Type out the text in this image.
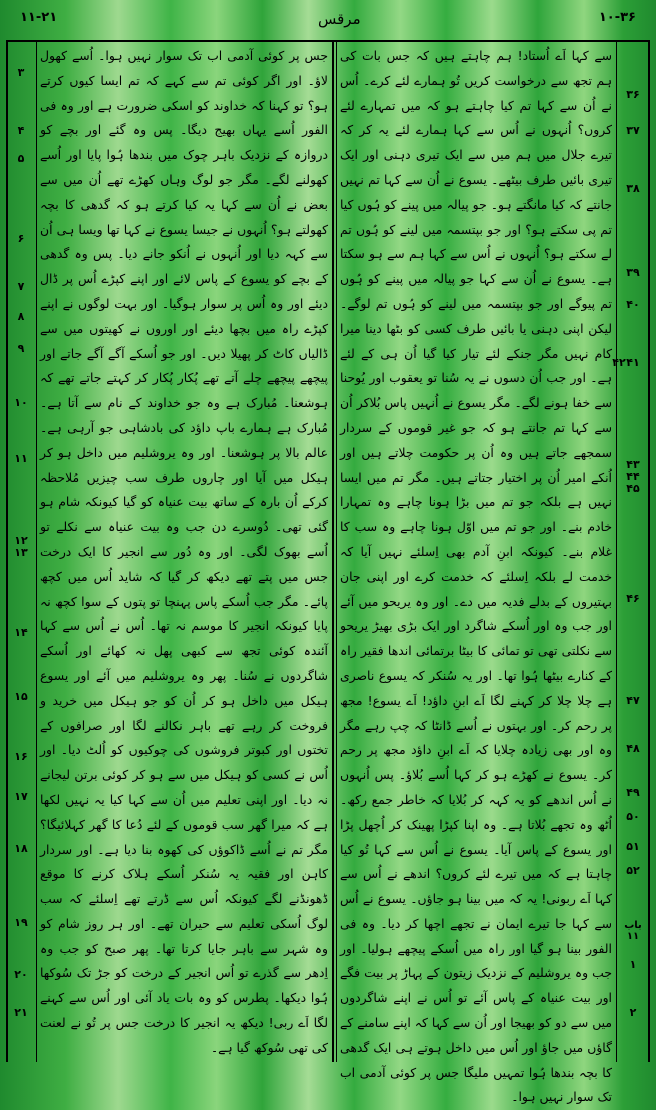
۱۱-۲۱	مرقس	۱۰-۳۶
۳
۴
۵
۶
۷
۸
۹
۱۰
۱۱
۱۲
۱۳
۱۴
۱۵
۱۶
۱۷
۱۸
۱۹
۲۰
۲۱
جس پر کوئی آدمی اب تک سوار نہیں ہوا۔ اُسے کھول لاؤ۔ اور اگر کوئی تم سے کہے کہ تم ایسا کیوں کرتے ہو؟ تو کہنا کہ خداوند کو اسکی ضرورت ہے اور وہ فی الفور اُسے یہاں بھیج دیگا۔ پس وہ گئے اور بچے کو دروازہ کے نزدیک باہر چوک میں بندھا ہُوا پایا اور اُسے کھولنے لگے۔ مگر جو لوگ وہاں کھڑے تھے اُن میں سے بعض نے اُن سے کہا یہ کیا کرتے ہو کہ گدھی کا بچہ کھولتے ہو؟ اُنہوں نے جیسا یسوع نے کہا تھا ویسا ہی اُن سے کہہ دیا اور اُنہوں نے اُنکو جانے دیا۔ پس وہ گدھی کے بچے کو یسوع کے پاس لائے اور اپنے کپڑے اُس پر ڈال دیئے اور وہ اُس پر سوار ہوگیا۔ اور بہت لوگوں نے اپنے کپڑے راہ میں بچھا دیئے اور اوروں نے کھیتوں میں سے ڈالیاں کاٹ کر پھیلا دیں۔ اور جو اُسکے آگے آگے جاتے اور پیچھے پیچھے چلے آتے تھے پُکار پُکار کر کہتے جاتے تھے کہ ہوشعنا۔ مُبارک ہے وہ جو خداوند کے نام سے آتا ہے۔ مُبارک ہے ہمارے باپ داؤد کی بادشاہی جو آرہی ہے۔ عالم بالا پر ہوشعنا۔ اور وہ یروشلیم میں داخل ہو کر ہیکل میں آیا اور چاروں طرف سب چیزیں مُلاحظہ کرکے اُن بارہ کے ساتھ بیت عنیاہ کو گیا کیونکہ شام ہو گئی تھی۔ دُوسرے دن جب وہ بیت عنیاہ سے نکلے تو اُسے بھوک لگی۔ اور وہ دُور سے انجیر کا ایک درخت جس میں پتے تھے دیکھ کر گیا کہ شاید اُس میں کچھ پائے۔ مگر جب اُسکے پاس پہنچا تو پتوں کے سوا کچھ نہ پایا کیونکہ انجیر کا موسم نہ تھا۔ اُس نے اُس سے کہا آئندہ کوئی تجھ سے کبھی پھل نہ کھائے اور اُسکے شاگردوں نے سُنا۔ پھر وہ یروشلیم میں آئے اور یسوع ہیکل میں داخل ہو کر اُن کو جو ہیکل میں خرید و فروخت کر رہے تھے باہر نکالنے لگا اور صرافوں کے تختوں اور کبوتر فروشوں کی چوکیوں کو اُلٹ دیا۔ اور اُس نے کسی کو ہیکل میں سے ہو کر کوئی برتن لیجانے نہ دیا۔ اور اپنی تعلیم میں اُن سے کہا کیا یہ نہیں لکھا ہے کہ میرا گھر سب قوموں کے لئے دُعا کا گھر کہلائیگا؟ مگر تم نے اُسے ڈاکوؤں کی کھوہ بنا دیا ہے۔ اور سردار کاہن اور فقیہ یہ سُنکر اُسکے ہلاک کرنے کا موقع ڈھونڈنے لگے کیونکہ اُس سے ڈرتے تھے اِسلئے کہ سب لوگ اُسکی تعلیم سے حیران تھے۔ اور ہر روز شام کو وہ شہر سے باہر جایا کرتا تھا۔ پھر صبح کو جب وہ اِدھر سے گذرے تو اُس انجیر کے درخت کو جڑ تک سُوکھا ہُوا دیکھا۔ پطرس کو وہ بات یاد آئی اور اُس سے کہنے لگا اَے ربی! دیکھ یہ انجیر کا درخت جس پر تُو نے لعنت کی تھی سُوکھ گیا ہے۔
سے کہا اَے اُستاد! ہم چاہتے ہیں کہ جس بات کی ہم تجھ سے درخواست کریں تُو ہمارے لئے کرے۔ اُس نے اُن سے کہا تم کیا چاہتے ہو کہ میں تمہارے لئے کروں؟ اُنہوں نے اُس سے کہا ہمارے لئے یہ کر کہ تیرے جلال میں ہم میں سے ایک تیری دہنی اور ایک تیری بائیں طرف بیٹھے۔ یسوع نے اُن سے کہا تم نہیں جانتے کہ کیا مانگتے ہو۔ جو پیالہ میں پینے کو ہُوں کیا تم پی سکتے ہو؟ اور جو بپتسمہ میں لینے کو ہُوں تم لے سکتے ہو؟ اُنہوں نے اُس سے کہا ہم سے ہو سکتا ہے۔ یسوع نے اُن سے کہا جو پیالہ میں پینے کو ہُوں تم پیوگے اور جو بپتسمہ میں لینے کو ہُوں تم لوگے۔ لیکن اپنی دہنی یا بائیں طرف کسی کو بٹھا دینا میرا کام نہیں مگر جنکے لئے تیار کیا گیا اُن ہی کے لئے ہے۔ اور جب اُن دسوں نے یہ سُنا تو یعقوب اور یُوحنا سے خفا ہونے لگے۔ مگر یسوع نے اُنہیں پاس بُلاکر اُن سے کہا تم جانتے ہو کہ جو غیر قوموں کے سردار سمجھے جاتے ہیں وہ اُن پر حکومت چلاتے ہیں اور اُنکے امیر اُن پر اختیار جتاتے ہیں۔ مگر تم میں ایسا نہیں ہے بلکہ جو تم میں بڑا ہونا چاہے وہ تمہارا خادم بنے۔ اور جو تم میں اوّل ہونا چاہے وہ سب کا غلام بنے۔ کیونکہ ابنِ آدم بھی اِسلئے نہیں آیا کہ خدمت لے بلکہ اِسلئے کہ خدمت کرے اور اپنی جان بہتیروں کے بدلے فدیہ میں دے۔ اور وہ یریحو میں آئے اور جب وہ اور اُسکے شاگرد اور ایک بڑی بھیڑ یریحو سے نکلتی تھی تو تمائی کا بیٹا برتمائی اندھا فقیر راہ کے کنارے بیٹھا ہُوا تھا۔ اور یہ سُنکر کہ یسوع ناصری ہے چلا چلا کر کہنے لگا اَے ابنِ داؤد! اَے یسوع! مجھ پر رحم کر۔ اور بہتوں نے اُسے ڈانٹا کہ چپ رہے مگر وہ اور بھی زیادہ چلایا کہ اَے ابنِ داؤد مجھ پر رحم کر۔ یسوع نے کھڑے ہو کر کہا اُسے بُلاؤ۔ پس اُنہوں نے اُس اندھے کو یہ کہہ کر بُلایا کہ خاطر جمع رکھ۔ اُٹھ وہ تجھے بُلاتا ہے۔ وہ اپنا کپڑا پھینک کر اُچھل پڑا اور یسوع کے پاس آیا۔ یسوع نے اُس سے کہا تُو کیا چاہتا ہے کہ میں تیرے لئے کروں؟ اندھے نے اُس سے کہا اَے ربونی! یہ کہ میں بینا ہو جاؤں۔ یسوع نے اُس سے کہا جا تیرے ایمان نے تجھے اچھا کر دیا۔ وہ فی الفور بینا ہو گیا اور راہ میں اُسکے پیچھے ہولیا۔ اور جب وہ یروشلیم کے نزدیک زیتون کے پہاڑ پر بیت فگے اور بیت عنیاہ کے پاس آئے تو اُس نے اپنے شاگردوں میں سے دو کو بھیجا اور اُن سے کہا کہ اپنے سامنے کے گاؤں میں جاؤ اور اُس میں داخل ہوتے ہی ایک گدھی کا بچہ بندھا ہُوا تمہیں ملیگا جس پر کوئی آدمی اب تک سوار نہیں ہوا۔
۳۶
۳۷
۳۸
۳۹
۴۰
۴۱
۴۲
۴۳
۴۴
۴۵
۴۶
۴۷
۴۸
۴۹
۵۰
۵۱
۵۲
باب ۱۱
۱
۲
